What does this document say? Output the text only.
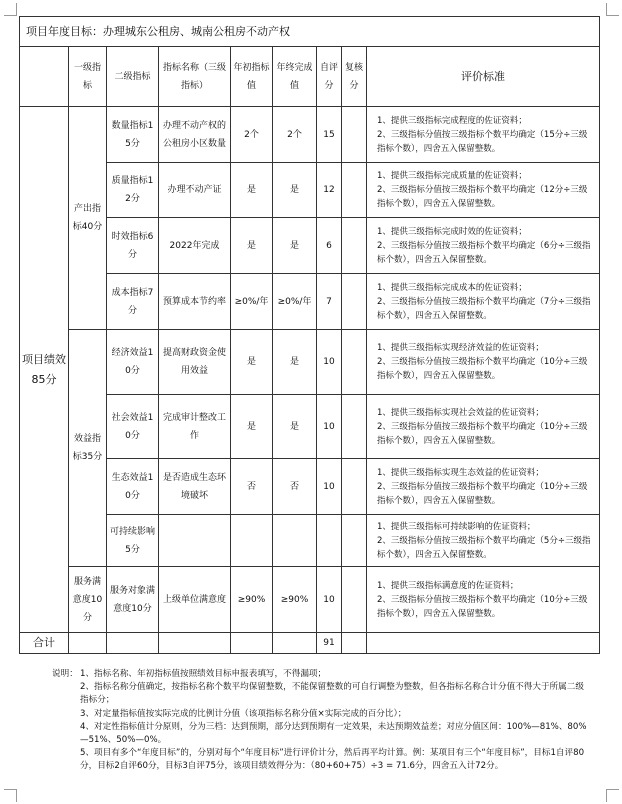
项目年度目标：办理城东公租房、城南公租房不动产权								
	一级指标	二级指标	指标名称（三级指标）	年初指标值	年终完成值	自评分	复核分	评价标准
项目绩效85分	产出指标40分	数量指标15分	办理不动产权的公租房小区数量	2个	2个	15		1、提供三级指标完成程度的佐证资料；
2、三级指标分值按三级指标个数平均确定（15分÷三级指标个数），四舍五入保留整数。

		质量指标12分	办理不动产证	是	是	12		1、提供三级指标完成质量的佐证资料；
2、三级指标分值按三级指标个数平均确定（12分÷三级指标个数），四舍五入保留整数。

		时效指标6分	2022年完成	是	是	6		1、提供三级指标完成时效的佐证资料；
2、三级指标分值按三级指标个数平均确定（6分÷三级指标个数），四舍五入保留整数。

		成本指标7分	预算成本节约率	≥0%/年	≥0%/年	7		1、提供三级指标完成成本的佐证资料；
2、三级指标分值按三级指标个数平均确定（7分÷三级指标个数），四舍五入保留整数。

	效益指标35分	经济效益10分	提高财政资金使用效益	是	是	10		1、提供三级指标实现经济效益的佐证资料；
2、三级指标分值按三级指标个数平均确定（10分÷三级指标个数），四舍五入保留整数。

		社会效益10分	完成审计整改工作	是	是	10		1、提供三级指标实现社会效益的佐证资料；
2、三级指标分值按三级指标个数平均确定（10分÷三级指标个数），四舍五入保留整数。

		生态效益10分	是否造成生态环境破坏	否	否	10		1、提供三级指标实现生态效益的佐证资料；
2、三级指标分值按三级指标个数平均确定（10分÷三级指标个数），四舍五入保留整数。

		可持续影响5分						1、提供三级指标可持续影响的佐证资料；
2、三级指标分值按三级指标个数平均确定（5分÷三级指标个数），四舍五入保留整数。

	服务满意度10分	服务对象满意度10分	上级单位满意度	≥90%	≥90%	10		1、提供三级指标满意度的佐证资料；
2、三级指标分值按三级指标个数平均确定（10分÷三级指标个数），四舍五入保留整数。

合计						91		
说明： 1、指标名称、年初指标值按照绩效目标申报表填写，不得漏项；
2、指标名称分值确定，按指标名称个数平均保留整数，不能保留整数的可自行调整为整数，但各指标名称合计分值不得大于所属二级指标分；
3、对定量指标值按实际完成的比例计分值（该项指标名称分值×实际完成的百分比）；
4、对定性指标值计分原则，分为三档：达到预期，部分达到预期有一定效果，未达预期效益差；对应分值区间：100%—81%、80%—51%、50%—0%。
5、项目有多个“年度目标”的，分别对每个“年度目标”进行评价计分，然后再平均计算。例：某项目有三个“年度目标”，目标1自评80分，目标2自评60分，目标3自评75分，该项目绩效得分为：（80+60+75）÷3 = 71.6分，四舍五入计72分。
